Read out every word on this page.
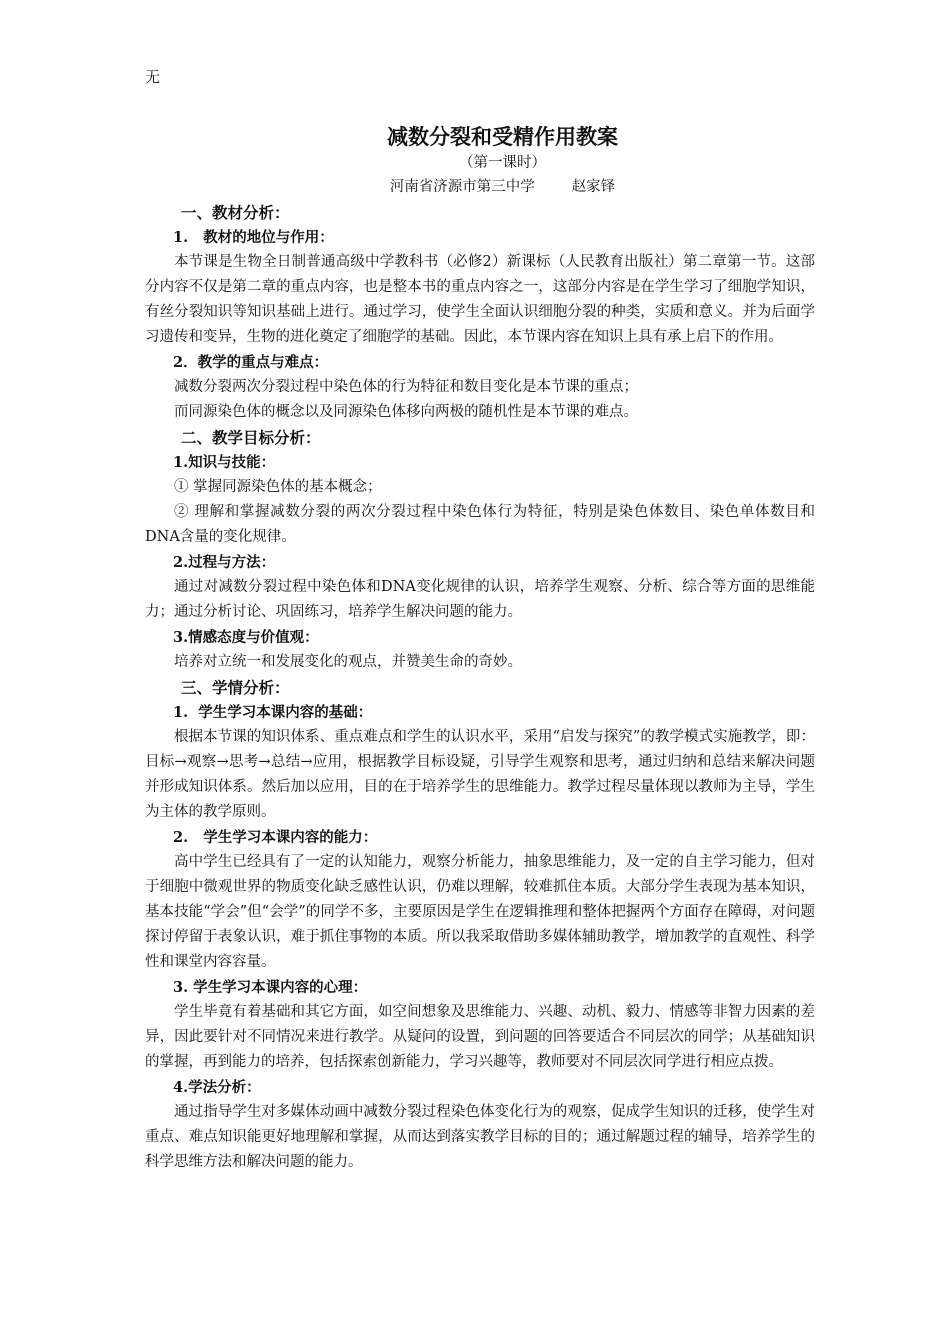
无
减数分裂和受精作用教案
（第一课时）
河南省济源市第三中学        赵家铎
一、教材分析：
1.   教材的地位与作用：
本节课是生物全日制普通高级中学教科书（必修2）新课标（人民教育出版社）第二章第一节。这部分内容不仅是第二章的重点内容，也是整本书的重点内容之一，这部分内容是在学生学习了细胞学知识，有丝分裂知识等知识基础上进行。通过学习，使学生全面认识细胞分裂的种类，实质和意义。并为后面学习遗传和变异，生物的进化奠定了细胞学的基础。因此，本节课内容在知识上具有承上启下的作用。
2．教学的重点与难点：
减数分裂两次分裂过程中染色体的行为特征和数目变化是本节课的重点；
而同源染色体的概念以及同源染色体移向两极的随机性是本节课的难点。
二、教学目标分析：
1.知识与技能：
① 掌握同源染色体的基本概念；
② 理解和掌握减数分裂的两次分裂过程中染色体行为特征，特别是染色体数目、染色单体数目和DNA含量的变化规律。
2.过程与方法：
通过对减数分裂过程中染色体和DNA变化规律的认识，培养学生观察、分析、综合等方面的思维能力；通过分析讨论、巩固练习，培养学生解决问题的能力。
3.情感态度与价值观：
培养对立统一和发展变化的观点，并赞美生命的奇妙。
三、学情分析：
1.  学生学习本课内容的基础：
根据本节课的知识体系、重点难点和学生的认识水平，采用“启发与探究”的教学模式实施教学，即：目标→观察→思考→总结→应用，根据教学目标设疑，引导学生观察和思考，通过归纳和总结来解决问题并形成知识体系。然后加以应用，目的在于培养学生的思维能力。教学过程尽量体现以教师为主导，学生为主体的教学原则。
2.   学生学习本课内容的能力：
高中学生已经具有了一定的认知能力，观察分析能力，抽象思维能力，及一定的自主学习能力，但对于细胞中微观世界的物质变化缺乏感性认识，仍难以理解，较难抓住本质。大部分学生表现为基本知识，基本技能“学会”但“会学”的同学不多，主要原因是学生在逻辑推理和整体把握两个方面存在障碍，对问题探讨停留于表象认识，难于抓住事物的本质。所以我采取借助多媒体辅助教学，增加教学的直观性、科学性和课堂内容容量。
3. 学生学习本课内容的心理：
学生毕竟有着基础和其它方面，如空间想象及思维能力、兴趣、动机、毅力、情感等非智力因素的差异，因此要针对不同情况来进行教学。从疑问的设置，到问题的回答要适合不同层次的同学；从基础知识的掌握，再到能力的培养，包括探索创新能力，学习兴趣等，教师要对不同层次同学进行相应点拨。
4.学法分析：
通过指导学生对多媒体动画中减数分裂过程染色体变化行为的观察，促成学生知识的迁移，使学生对重点、难点知识能更好地理解和掌握，从而达到落实教学目标的目的；通过解题过程的辅导，培养学生的科学思维方法和解决问题的能力。
